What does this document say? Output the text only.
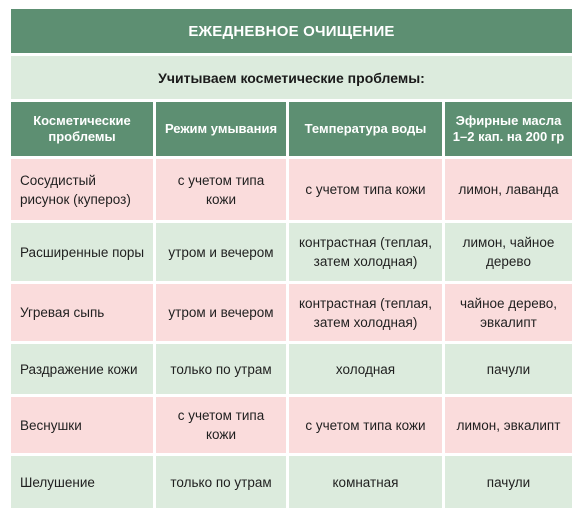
ЕЖЕДНЕВНОЕ ОЧИЩЕНИЕ
Учитываем косметические проблемы:
Косметические проблемы	Режим умывания	Температура воды	Эфирные масла 1–2 кап. на 200 гр
Сосудистый рисунок (купероз)	с учетом типа кожи	с учетом типа кожи	лимон, лаванда
Расширенные поры	утром и вечером	контрастная (теплая, затем холодная)	лимон, чайное дерево
Угревая сыпь	утром и вечером	контрастная (теплая, затем холодная)	чайное дерево, эвкалипт
Раздражение кожи	только по утрам	холодная	пачули
Веснушки	с учетом типа кожи	с учетом типа кожи	лимон, эвкалипт
Шелушение	только по утрам	комнатная	пачули
